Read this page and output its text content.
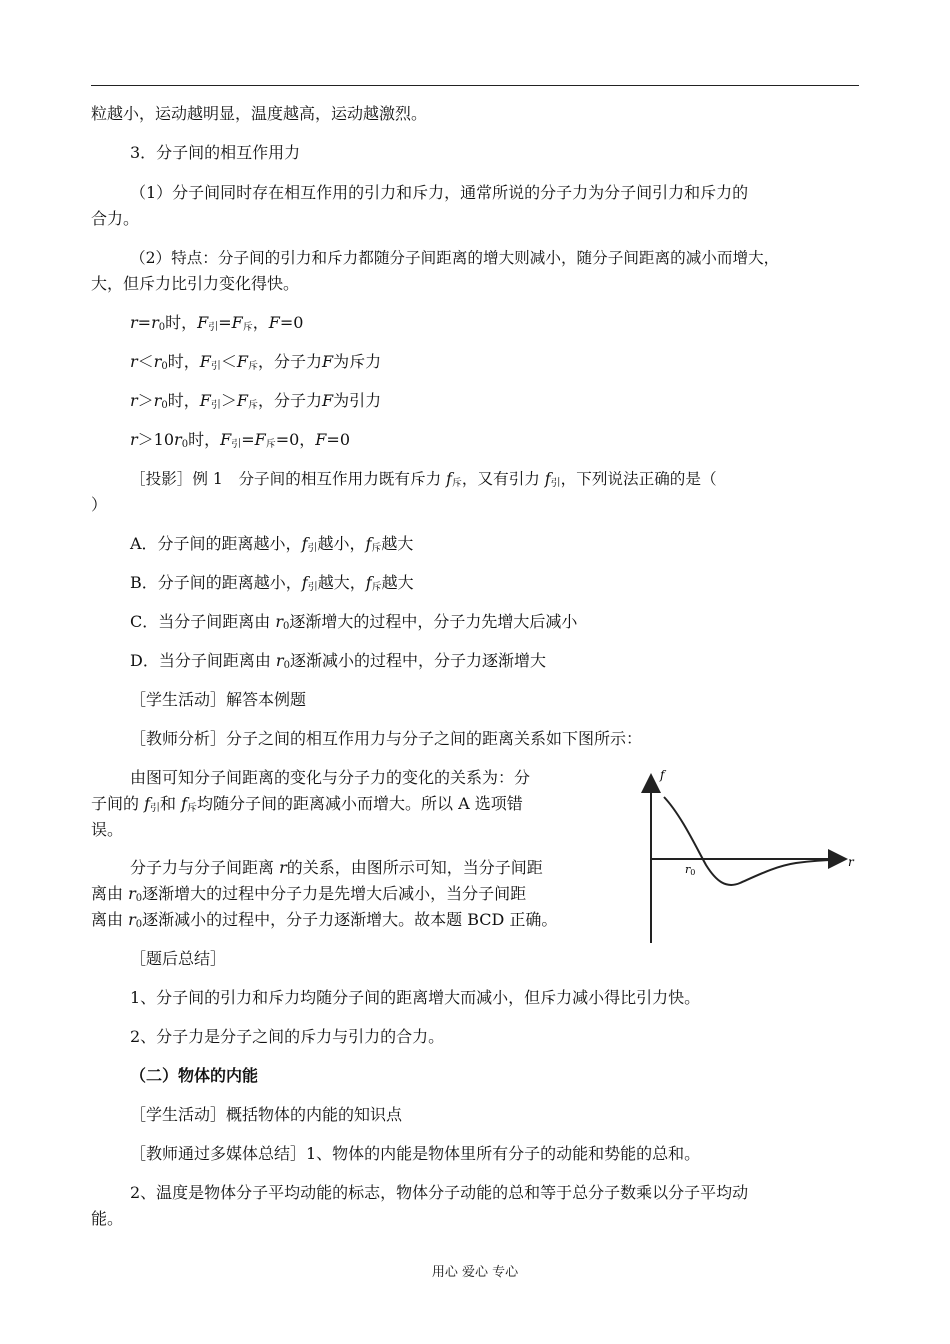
粒越小，运动越明显，温度越高，运动越激烈。
3．分子间的相互作用力
（1）分子间同时存在相互作用的引力和斥力，通常所说的分子力为分子间引力和斥力的
合力。
（2）特点：分子间的引力和斥力都随分子间距离的增大则减小，随分子间距离的减小而增大，
大，但斥力比引力变化得快。
$r=r_0$时，$F_引=F_斥$，F=0
$r<r_0$时，$F_引<F_斥$，分子力F为斥力
$r>r_0$时，$F_引>F_斥$，分子力F为引力
$r>10r_0$时，$F_引=F_斥=0$，F=0
［投影］例 1　分子间的相互作用力既有斥力 $f_斥$，又有引力 $f_引$，下列说法正确的是（
）
A．分子间的距离越小，$f_引$越小，$f_斥$越大
B．分子间的距离越小，$f_引$越大，$f_斥$越大
C．当分子间距离由 $r_0$逐渐增大的过程中，分子力先增大后减小
D．当分子间距离由 $r_0$逐渐减小的过程中，分子力逐渐增大
［学生活动］解答本例题
［教师分析］分子之间的相互作用力与分子之间的距离关系如下图所示：
由图可知分子间距离的变化与分子力的变化的关系为：分
子间的 $f_引$和 $f_斥$均随分子间的距离减小而增大。所以 A 选项错
误。
分子力与分子间距离 r的关系，由图所示可知，当分子间距
离由 $r_0$逐渐增大的过程中分子力是先增大后减小，当分子间距
离由 $r_0$逐渐减小的过程中，分子力逐渐增大。故本题 BCD 正确。
f
r
r0
［题后总结］
1、分子间的引力和斥力均随分子间的距离增大而减小，但斥力减小得比引力快。
2、分子力是分子之间的斥力与引力的合力。
（二）物体的内能
［学生活动］概括物体的内能的知识点
［教师通过多媒体总结］1、物体的内能是物体里所有分子的动能和势能的总和。
2、温度是物体分子平均动能的标志，物体分子动能的总和等于总分子数乘以分子平均动
能。
用心 爱心 专心
